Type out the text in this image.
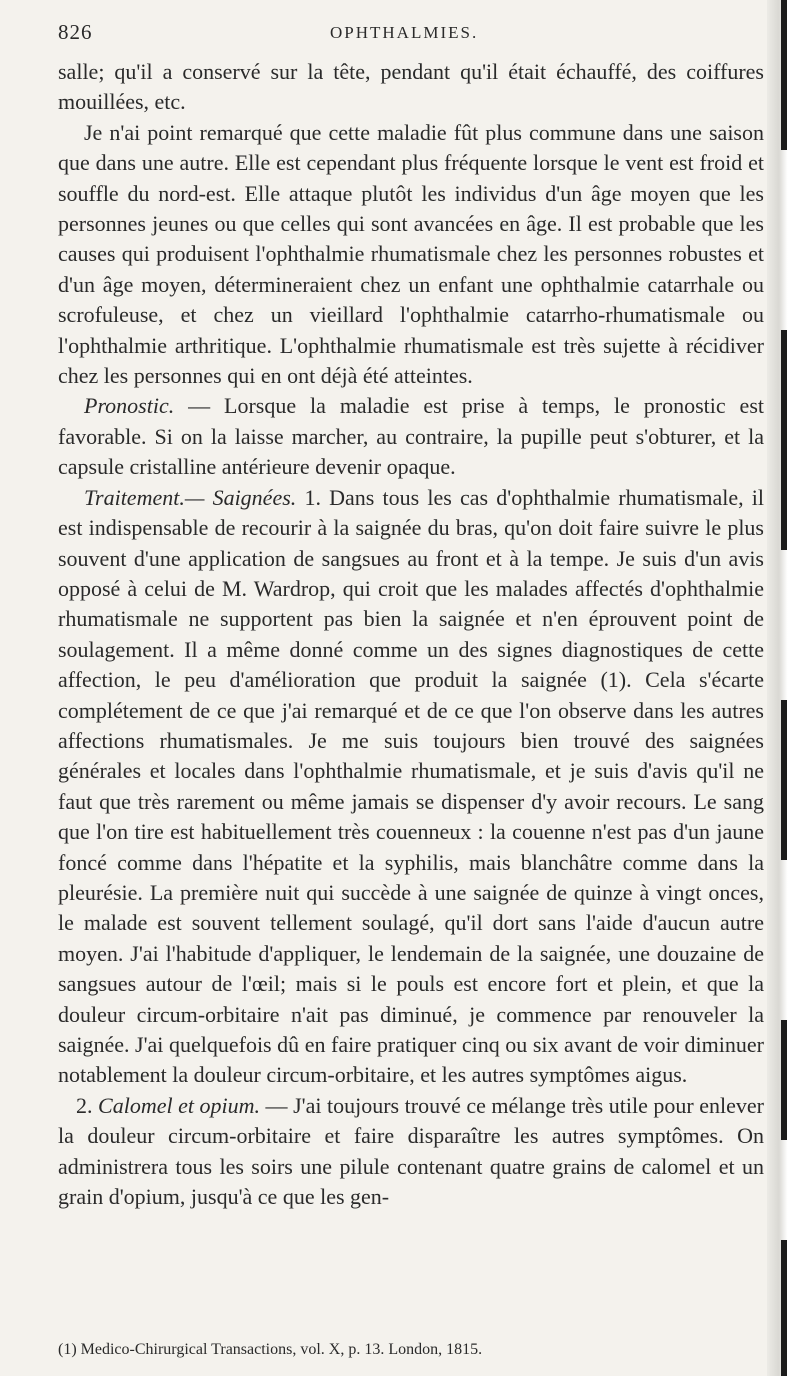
826	OPHTHALMIES.

salle; qu'il a conservé sur la tête, pendant qu'il était échauffé, des coiffures mouillées, etc.

Je n'ai point remarqué que cette maladie fût plus commune dans une saison que dans une autre. Elle est cependant plus fréquente lorsque le vent est froid et souffle du nord-est. Elle attaque plutôt les individus d'un âge moyen que les personnes jeunes ou que celles qui sont avancées en âge. Il est probable que les causes qui produisent l'ophthalmie rhumatismale chez les personnes robustes et d'un âge moyen, détermineraient chez un enfant une ophthalmie catarrhale ou scrofuleuse, et chez un vieillard l'ophthalmie catarrho-rhumatismale ou l'ophthalmie arthritique. L'ophthalmie rhumatismale est très sujette à récidiver chez les personnes qui en ont déjà été atteintes.

Pronostic. — Lorsque la maladie est prise à temps, le pronostic est favorable. Si on la laisse marcher, au contraire, la pupille peut s'obturer, et la capsule cristalline antérieure devenir opaque.

Traitement.— Saignées. 1. Dans tous les cas d'ophthalmie rhumatismale, il est indispensable de recourir à la saignée du bras, qu'on doit faire suivre le plus souvent d'une application de sangsues au front et à la tempe. Je suis d'un avis opposé à celui de M. Wardrop, qui croit que les malades affectés d'ophthalmie rhumatismale ne supportent pas bien la saignée et n'en éprouvent point de soulagement. Il a même donné comme un des signes diagnostiques de cette affection, le peu d'amélioration que produit la saignée (1). Cela s'écarte complétement de ce que j'ai remarqué et de ce que l'on observe dans les autres affections rhumatismales. Je me suis toujours bien trouvé des saignées générales et locales dans l'ophthalmie rhumatismale, et je suis d'avis qu'il ne faut que très rarement ou même jamais se dispenser d'y avoir recours. Le sang que l'on tire est habituellement très couenneux : la couenne n'est pas d'un jaune foncé comme dans l'hépatite et la syphilis, mais blanchâtre comme dans la pleurésie. La première nuit qui succède à une saignée de quinze à vingt onces, le malade est souvent tellement soulagé, qu'il dort sans l'aide d'aucun autre moyen. J'ai l'habitude d'appliquer, le lendemain de la saignée, une douzaine de sangsues autour de l'œil; mais si le pouls est encore fort et plein, et que la douleur circum-orbitaire n'ait pas diminué, je commence par renouveler la saignée. J'ai quelquefois dû en faire pratiquer cinq ou six avant de voir diminuer notablement la douleur circum-orbitaire, et les autres symptômes aigus.

2. Calomel et opium. — J'ai toujours trouvé ce mélange très utile pour enlever la douleur circum-orbitaire et faire disparaître les autres symptômes. On administrera tous les soirs une pilule contenant quatre grains de calomel et un grain d'opium, jusqu'à ce que les gen-

(1) Medico-Chirurgical Transactions, vol. X, p. 13. London, 1815.
